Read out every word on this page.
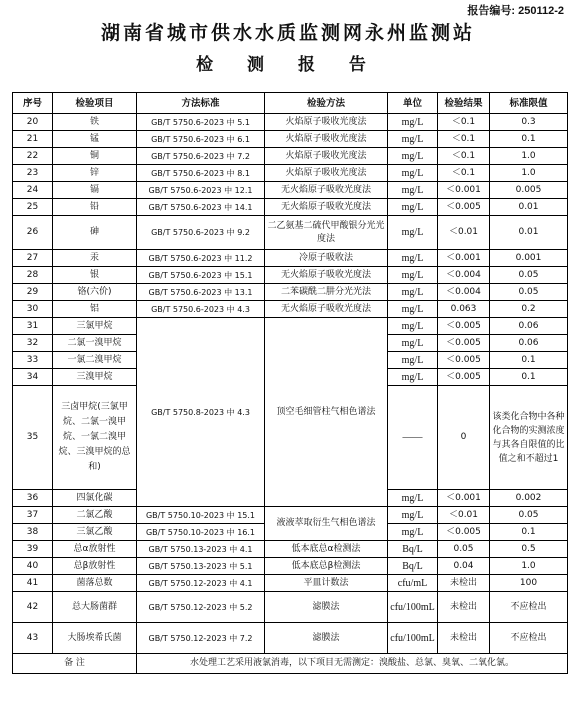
报告编号: 250112-2
湖南省城市供水水质监测网永州监测站
检 测 报 告
序号	检验项目	方法标准	检验方法	单位	检验结果	标准限值
20	铁	GB/T 5750.6-2023 中 5.1	火焰原子吸收光度法	mg/L	＜0.1	0.3
21	锰	GB/T 5750.6-2023 中 6.1	火焰原子吸收光度法	mg/L	＜0.1	0.1
22	铜	GB/T 5750.6-2023 中 7.2	火焰原子吸收光度法	mg/L	＜0.1	1.0
23	锌	GB/T 5750.6-2023 中 8.1	火焰原子吸收光度法	mg/L	＜0.1	1.0
24	镉	GB/T 5750.6-2023 中 12.1	无火焰原子吸收光度法	mg/L	＜0.001	0.005
25	铅	GB/T 5750.6-2023 中 14.1	无火焰原子吸收光度法	mg/L	＜0.005	0.01
26	砷	GB/T 5750.6-2023 中 9.2	二乙氨基二硫代甲酸银分光光度法	mg/L	＜0.01	0.01
27	汞	GB/T 5750.6-2023 中 11.2	冷原子吸收法	mg/L	＜0.001	0.001
28	银	GB/T 5750.6-2023 中 15.1	无火焰原子吸收光度法	mg/L	＜0.004	0.05
29	铬(六价)	GB/T 5750.6-2023 中 13.1	二苯碳酰二肼分光光法	mg/L	＜0.004	0.05
30	铝	GB/T 5750.6-2023 中 4.3	无火焰原子吸收光度法	mg/L	0.063	0.2
31	三氯甲烷	GB/T 5750.8-2023 中 4.3	顶空毛细管柱气相色谱法	mg/L	＜0.005	0.06
32	二氯一溴甲烷			mg/L	＜0.005	0.06
33	一氯二溴甲烷			mg/L	＜0.005	0.1
34	三溴甲烷			mg/L	＜0.005	0.1
35	三卤甲烷(三氯甲烷、二氯一溴甲烷、一氯二溴甲烷、三溴甲烷的总和)			——	0	该类化合物中各种化合物的实测浓度与其各自限值的比值之和不超过1
36	四氯化碳			mg/L	＜0.001	0.002
37	二氯乙酸	GB/T 5750.10-2023 中 15.1	液液萃取衍生气相色谱法	mg/L	＜0.01	0.05
38	三氯乙酸	GB/T 5750.10-2023 中 16.1		mg/L	＜0.005	0.1
39	总α放射性	GB/T 5750.13-2023 中 4.1	低本底总α检测法	Bq/L	0.05	0.5
40	总β放射性	GB/T 5750.13-2023 中 5.1	低本底总β检测法	Bq/L	0.04	1.0
41	菌落总数	GB/T 5750.12-2023 中 4.1	平皿计数法	cfu/mL	未检出	100
42	总大肠菌群	GB/T 5750.12-2023 中 5.2	滤膜法	cfu/100mL	未检出	不应检出
43	大肠埃希氏菌	GB/T 5750.12-2023 中 7.2	滤膜法	cfu/100mL	未检出	不应检出
备 注		水处理工艺采用液氯消毒，以下项目无需测定：溴酸盐、总氯、臭氧、二氧化氯。				
